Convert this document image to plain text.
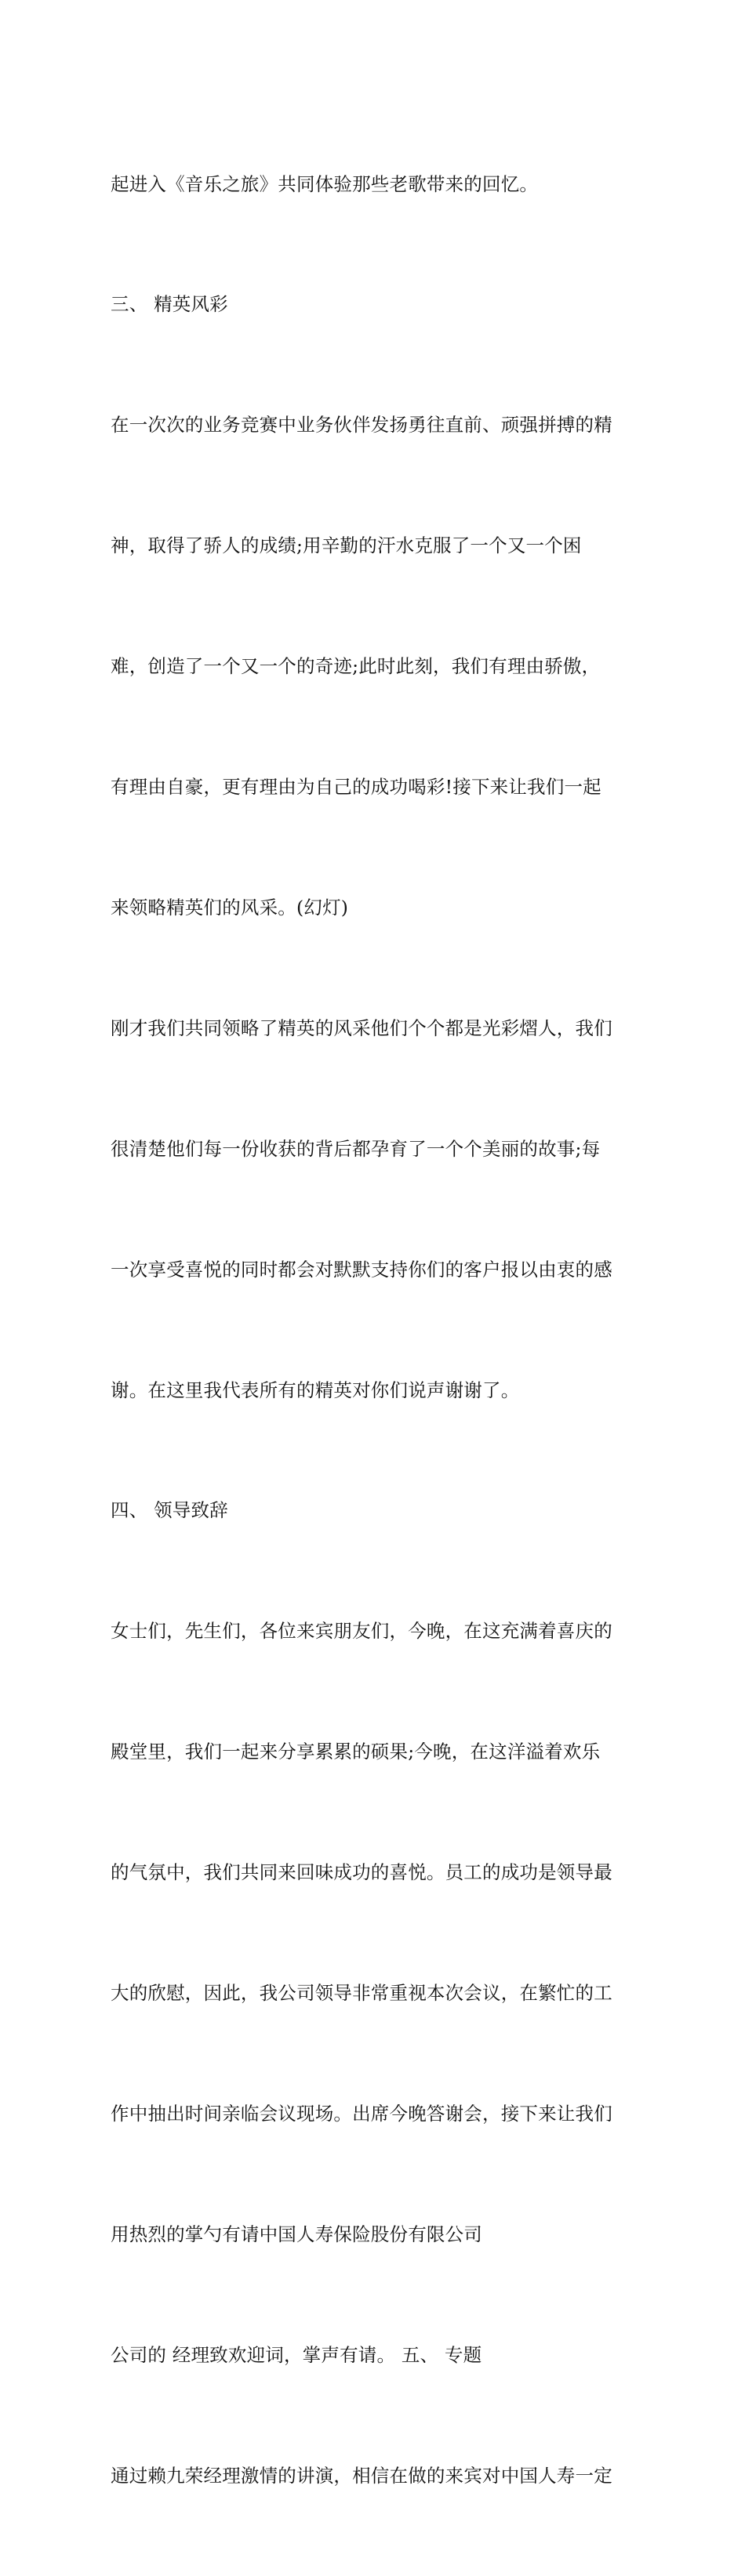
起进入《音乐之旅》共同体验那些老歌带来的回忆。

三、 精英风彩

在一次次的业务竞赛中业务伙伴发扬勇往直前、顽强拼搏的精

神，取得了骄人的成绩;用辛勤的汗水克服了一个又一个困

难，创造了一个又一个的奇迹;此时此刻，我们有理由骄傲，

有理由自豪，更有理由为自己的成功喝彩!接下来让我们一起

来领略精英们的风采。(幻灯)

刚才我们共同领略了精英的风采他们个个都是光彩熠人，我们

很清楚他们每一份收获的背后都孕育了一个个美丽的故事;每

一次享受喜悦的同时都会对默默支持你们的客户报以由衷的感

谢。在这里我代表所有的精英对你们说声谢谢了。

四、 领导致辞

女士们，先生们，各位来宾朋友们，今晚，在这充满着喜庆的

殿堂里，我们一起来分享累累的硕果;今晚，在这洋溢着欢乐

的气氛中，我们共同来回味成功的喜悦。员工的成功是领导最

大的欣慰，因此，我公司领导非常重视本次会议，在繁忙的工

作中抽出时间亲临会议现场。出席今晚答谢会，接下来让我们

用热烈的掌勺有请中国人寿保险股份有限公司

公司的 经理致欢迎词，掌声有请。 五、 专题

通过赖九荣经理激情的讲演，相信在做的来宾对中国人寿一定
